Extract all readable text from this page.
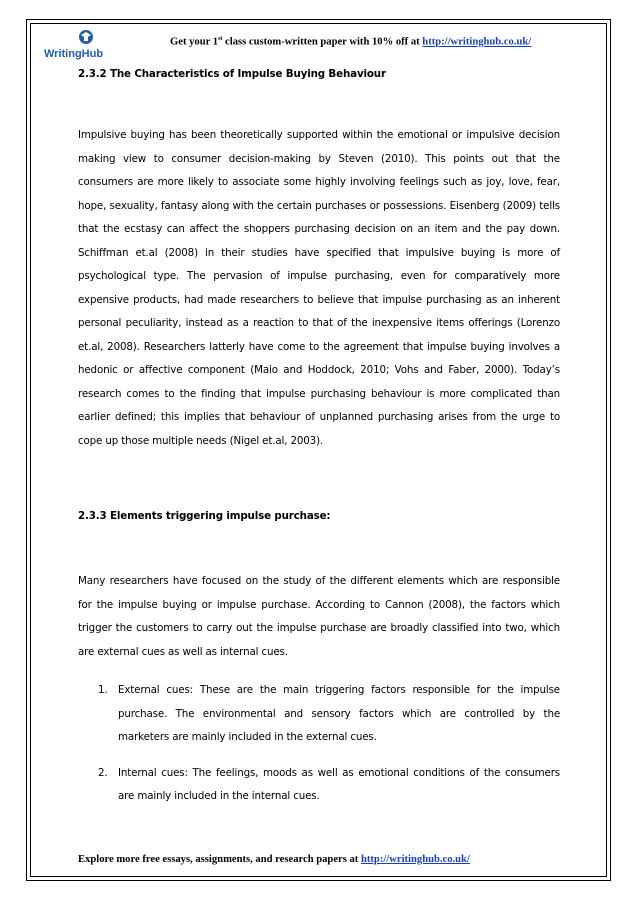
WritingHub
Get your 1st class custom-written paper with 10% off at http://writinghub.co.uk/
2.3.2 The Characteristics of Impulse Buying Behaviour

Impulsive buying has been theoretically supported within the emotional or impulsive decision making view to consumer decision-making by Steven (2010). This points out that the consumers are more likely to associate some highly involving feelings such as joy, love, fear, hope, sexuality, fantasy along with the certain purchases or possessions. Eisenberg (2009) tells that the ecstasy can affect the shoppers purchasing decision on an item and the pay down. Schiffman et.al (2008) in their studies have specified that impulsive buying is more of psychological type. The pervasion of impulse purchasing, even for comparatively more expensive products, had made researchers to believe that impulse purchasing as an inherent personal peculiarity, instead as a reaction to that of the inexpensive items offerings (Lorenzo et.al, 2008). Researchers latterly have come to the agreement that impulse buying involves a hedonic or affective component (Maio and Hoddock, 2010; Vohs and Faber, 2000). Today’s research comes to the finding that impulse purchasing behaviour is more complicated than earlier defined; this implies that behaviour of unplanned purchasing arises from the urge to cope up those multiple needs (Nigel et.al, 2003).

2.3.3 Elements triggering impulse purchase:

Many researchers have focused on the study of the different elements which are responsible for the impulse buying or impulse purchase. According to Cannon (2008), the factors which trigger the customers to carry out the impulse purchase are broadly classified into two, which are external cues as well as internal cues.

1. External cues: These are the main triggering factors responsible for the impulse purchase. The environmental and sensory factors which are controlled by the marketers are mainly included in the external cues.
2. Internal cues: The feelings, moods as well as emotional conditions of the consumers are mainly included in the internal cues.
Explore more free essays, assignments, and research papers at http://writinghub.co.uk/
